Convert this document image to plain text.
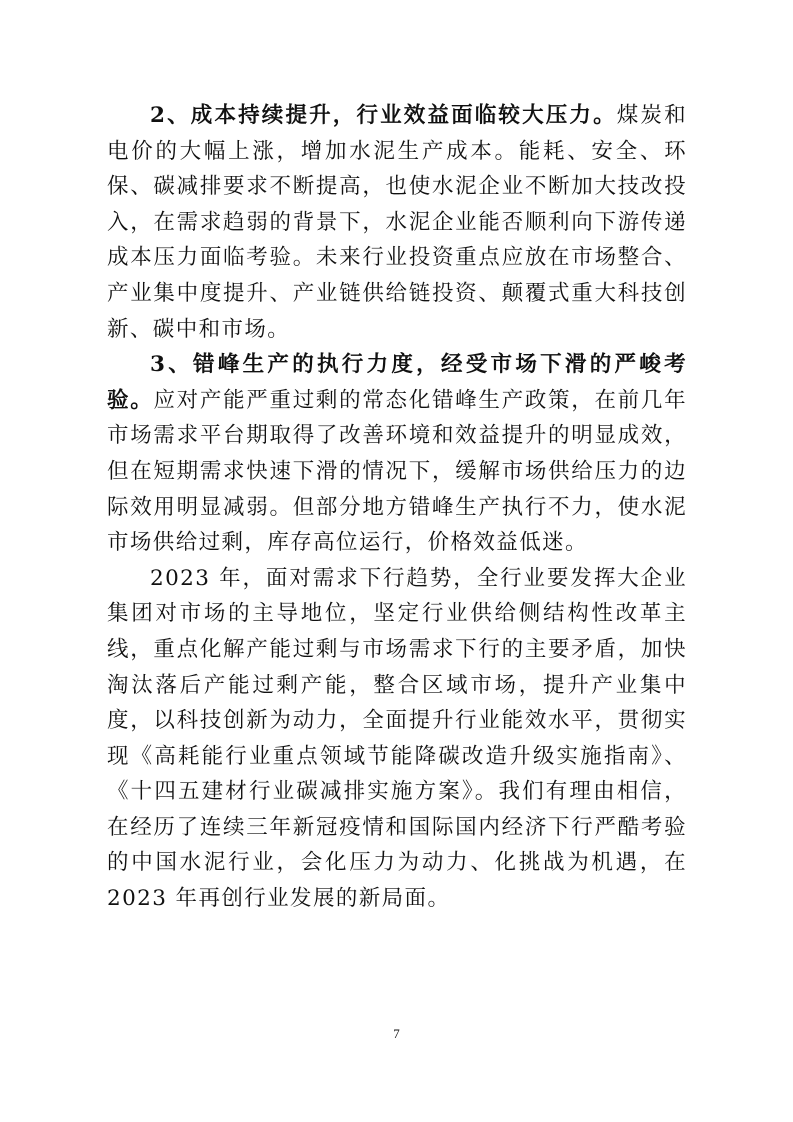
2、成本持续提升，行业效益面临较大压力。煤炭和电价的大幅上涨，增加水泥生产成本。能耗、安全、环保、碳减排要求不断提高，也使水泥企业不断加大技改投入，在需求趋弱的背景下，水泥企业能否顺利向下游传递成本压力面临考验。未来行业投资重点应放在市场整合、产业集中度提升、产业链供给链投资、颠覆式重大科技创新、碳中和市场。

3、错峰生产的执行力度，经受市场下滑的严峻考验。应对产能严重过剩的常态化错峰生产政策，在前几年市场需求平台期取得了改善环境和效益提升的明显成效，但在短期需求快速下滑的情况下，缓解市场供给压力的边际效用明显减弱。但部分地方错峰生产执行不力，使水泥市场供给过剩，库存高位运行，价格效益低迷。

2023 年，面对需求下行趋势，全行业要发挥大企业集团对市场的主导地位，坚定行业供给侧结构性改革主线，重点化解产能过剩与市场需求下行的主要矛盾，加快淘汰落后产能过剩产能，整合区域市场，提升产业集中度，以科技创新为动力，全面提升行业能效水平，贯彻实现《高耗能行业重点领域节能降碳改造升级实施指南》、《十四五建材行业碳减排实施方案》。我们有理由相信，在经历了连续三年新冠疫情和国际国内经济下行严酷考验的中国水泥行业，会化压力为动力、化挑战为机遇，在 2023 年再创行业发展的新局面。

7
